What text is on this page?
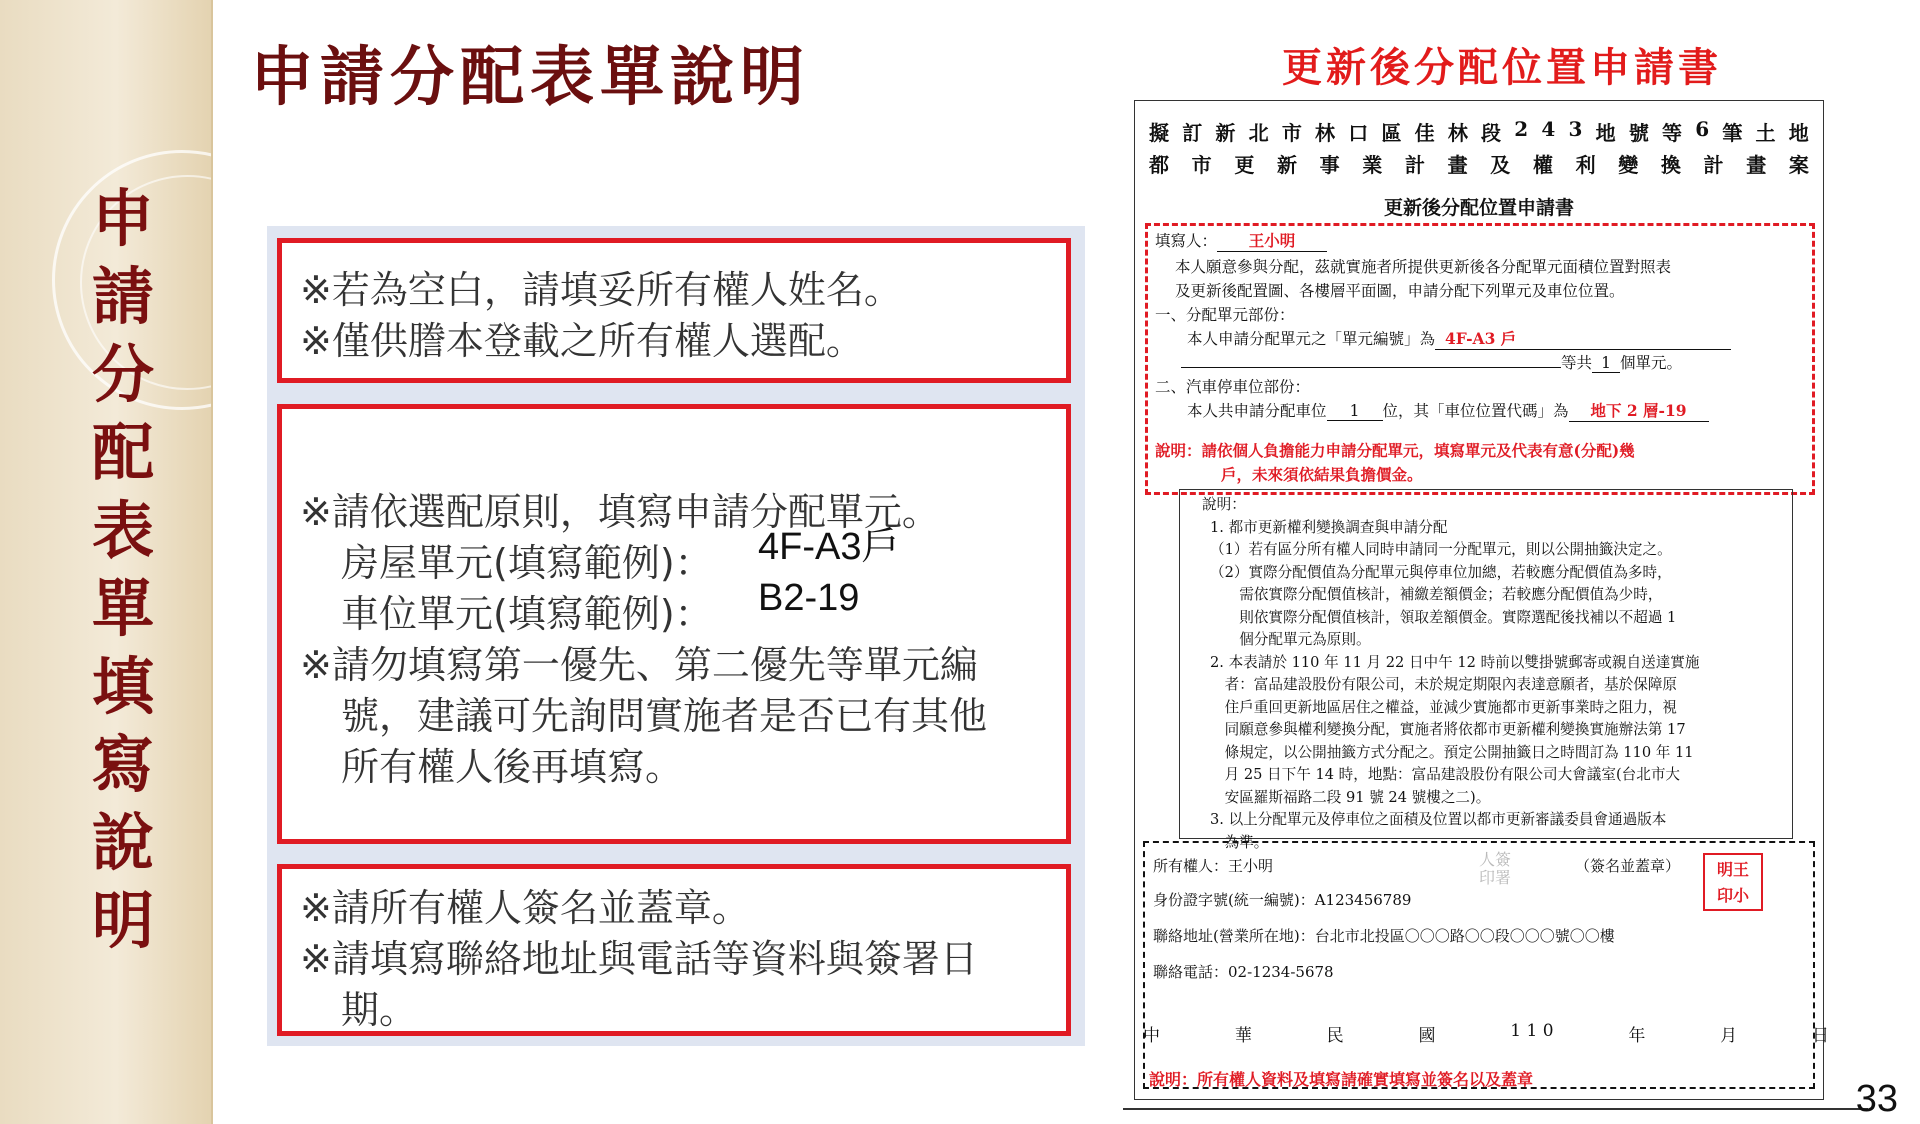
申
請
分
配
表
單
填
寫
說
明
申請分配表單說明	更新後分配位置申請書
※若為空白，請填妥所有權人姓名。
※僅供謄本登載之所有權人選配。
※請依選配原則，填寫申請分配單元。
房屋單元(填寫範例)： 4F-A3戶
車位單元(填寫範例)： B2-19
※請勿填寫第一優先、第二優先等單元編
號，建議可先詢問實施者是否已有其他
所有權人後再填寫。
※請所有權人簽名並蓋章。
※請填寫聯絡地址與電話等資料與簽署日
期。
擬 訂 新 北 市 林 口 區 佳 林 段 2 4 3 地 號 等 6 筆 土 地
都 市 更 新 事 業 計 畫 及 權 利 變 換 計 畫 案
更新後分配位置申請書
填寫人： 王小明
本人願意參與分配，茲就實施者所提供更新後各分配單元面積位置對照表
及更新後配置圖、各樓層平面圖，申請分配下列單元及車位位置。
一、分配單元部份：
本人申請分配單元之「單元編號」為 4F-A3 戶
等共 1 個單元。
二、汽車停車位部份：
本人共申請分配車位 1 位，其「車位位置代碼」為 地下 2 層-19
說明：請依個人負擔能力申請分配單元，填寫單元及代表有意(分配)幾
戶，未來須依結果負擔價金。
說明：
1. 都市更新權利變換調查與申請分配
（1）若有區分所有權人同時申請同一分配單元，則以公開抽籤決定之。
（2）實際分配價值為分配單元與停車位加總，若較應分配價值為多時，
　　需依實際分配價值核計，補繳差額價金；若較應分配價值為少時，
　　則依實際分配價值核計，領取差額價金。實際選配後找補以不超過 1
　　個分配單元為原則。
2. 本表請於 110 年 11 月 22 日中午 12 時前以雙掛號郵寄或親自送達實施
　者：富品建設股份有限公司，未於規定期限內表達意願者，基於保障原
　住戶重回更新地區居住之權益，並減少實施都市更新事業時之阻力，視
　同願意參與權利變換分配，實施者將依都市更新權利變換實施辦法第 17
　條規定，以公開抽籤方式分配之。預定公開抽籤日之時間訂為 110 年 11
　月 25 日下午 14 時，地點：富品建設股份有限公司大會議室(台北市大
　安區羅斯福路二段 91 號 24 號樓之二)。
3. 以上分配單元及停車位之面積及位置以都市更新審議委員會通過版本
　為準。
所有權人：王小明	人簽印署
（簽名並蓋章）	明王
印小
身份證字號(統一編號)：A123456789
聯絡地址(營業所在地)：台北市北投區〇〇〇路〇〇段〇〇〇號〇〇樓
聯絡電話：02-1234-5678
中	華	民	國	1 1 0	年	月	日
說明：所有權人資料及填寫請確實填寫並簽名以及蓋章	33
